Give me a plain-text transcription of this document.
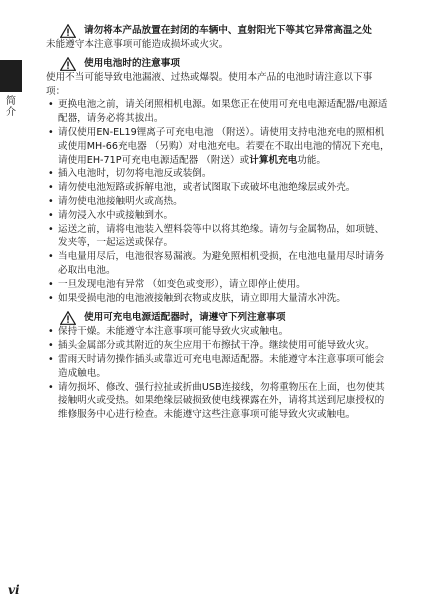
简介
请勿将本产品放置在封闭的车辆中、直射阳光下等其它异常高温之处

未能遵守本注意事项可能造成损坏或火灾。

使用电池时的注意事项

使用不当可能导致电池漏液、过热或爆裂。使用本产品的电池时请注意以下事项：

• 更换电池之前，请关闭照相机电源。如果您正在使用可充电电源适配器/电源适配器，请务必将其拔出。
• 请仅使用EN-EL19锂离子可充电电池 （附送）。请使用支持电池充电的照相机或使用MH-66充电器 （另购）对电池充电。若要在不取出电池的情况下充电，请使用EH-71P可充电电源适配器 （附送）或计算机充电功能。
• 插入电池时，切勿将电池反或装倒。
• 请勿使电池短路或拆解电池，或者试图取下或破坏电池绝缘层或外壳。
• 请勿使电池接触明火或高热。
• 请勿浸入水中或接触到水。
• 运送之前，请将电池装入塑料袋等中以将其绝缘。请勿与金属物品，如项链、发夹等，一起运送或保存。
• 当电量用尽后，电池很容易漏液。为避免照相机受损，在电池电量用尽时请务必取出电池。
• 一旦发现电池有异常 （如变色或变形），请立即停止使用。
• 如果受损电池的电池液接触到衣物或皮肤，请立即用大量清水冲洗。
使用可充电电源适配器时，请遵守下列注意事项
• 保持干燥。未能遵守本注意事项可能导致火灾或触电。
• 插头金属部分或其附近的灰尘应用干布擦拭干净。继续使用可能导致火灾。
• 雷雨天时请勿操作插头或靠近可充电电源适配器。未能遵守本注意事项可能会造成触电。
• 请勿损坏、修改、强行拉扯或折曲USB连接线，勿将重物压在上面，也勿使其接触明火或受热。如果绝缘层破损致使电线裸露在外，请将其送到尼康授权的维修服务中心进行检查。未能遵守这些注意事项可能导致火灾或触电。
vi
